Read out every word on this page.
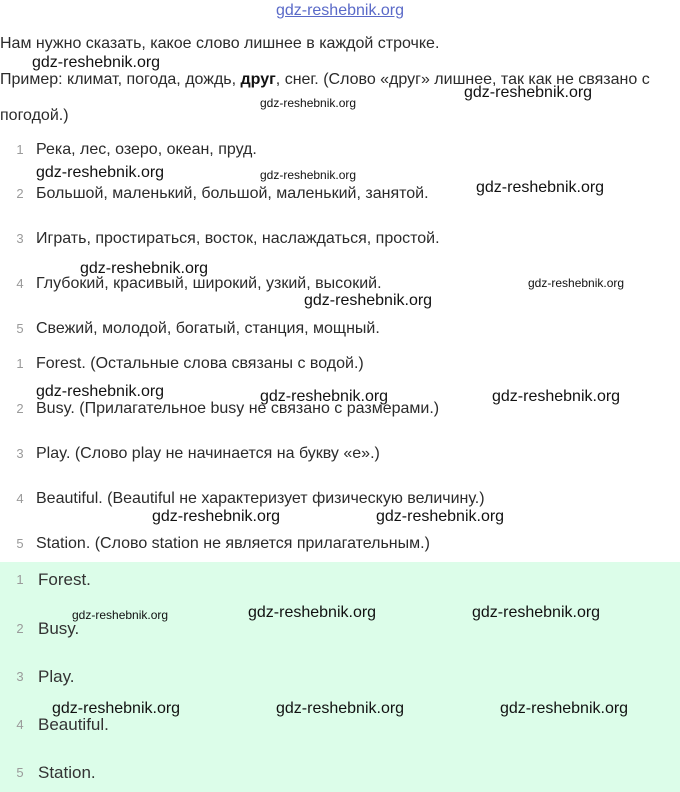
gdz-reshebnik.org
Нам нужно сказать, какое слово лишнее в каждой строчке.
Пример: климат, погода, дождь, друг, снег. (Слово «друг» лишнее, так как не связано с погодой.)
1 Река, лес, озеро, океан, пруд.
2 Большой, маленький, большой, маленький, занятой.
3 Играть, простираться, восток, наслаждаться, простой.
4 Глубокий, красивый, широкий, узкий, высокий.
5 Свежий, молодой, богатый, станция, мощный.
1 Forest. (Остальные слова связаны с водой.)
2 Busy. (Прилагательное busy не связано с размерами.)
3 Play. (Слово play не начинается на букву «e».)
4 Beautiful. (Beautiful не характеризует физическую величину.)
5 Station. (Слово station не является прилагательным.)
1 Forest.
2 Busy.
3 Play.
4 Beautiful.
5 Station.
gdz-reshebnik.org
gdz-reshebnik.org
gdz-reshebnik.org
gdz-reshebnik.org	gdz-reshebnik.org
gdz-reshebnik.org
gdz-reshebnik.org
gdz-reshebnik.org
gdz-reshebnik.org
gdz-reshebnik.org	gdz-reshebnik.org	gdz-reshebnik.org
gdz-reshebnik.org	gdz-reshebnik.org
gdz-reshebnik.org	gdz-reshebnik.org	gdz-reshebnik.org
gdz-reshebnik.org	gdz-reshebnik.org	gdz-reshebnik.org
